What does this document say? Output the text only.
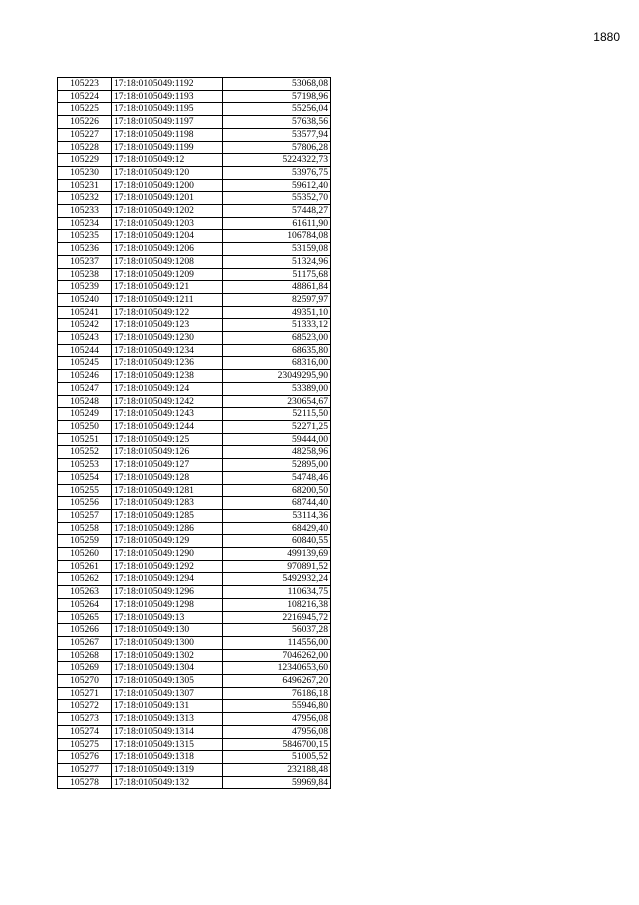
1880
105223	17:18:0105049:1192	53068,08
105224	17:18:0105049:1193	57198,96
105225	17:18:0105049:1195	55256,04
105226	17:18:0105049:1197	57638,56
105227	17:18:0105049:1198	53577,94
105228	17:18:0105049:1199	57806,28
105229	17:18:0105049:12	5224322,73
105230	17:18:0105049:120	53976,75
105231	17:18:0105049:1200	59612,40
105232	17:18:0105049:1201	55352,70
105233	17:18:0105049:1202	57448,27
105234	17:18:0105049:1203	61611,90
105235	17:18:0105049:1204	106784,08
105236	17:18:0105049:1206	53159,08
105237	17:18:0105049:1208	51324,96
105238	17:18:0105049:1209	51175,68
105239	17:18:0105049:121	48861,84
105240	17:18:0105049:1211	82597,97
105241	17:18:0105049:122	49351,10
105242	17:18:0105049:123	51333,12
105243	17:18:0105049:1230	68523,00
105244	17:18:0105049:1234	68635,80
105245	17:18:0105049:1236	68316,00
105246	17:18:0105049:1238	23049295,90
105247	17:18:0105049:124	53389,00
105248	17:18:0105049:1242	230654,67
105249	17:18:0105049:1243	52115,50
105250	17:18:0105049:1244	52271,25
105251	17:18:0105049:125	59444,00
105252	17:18:0105049:126	48258,96
105253	17:18:0105049:127	52895,00
105254	17:18:0105049:128	54748,46
105255	17:18:0105049:1281	68200,50
105256	17:18:0105049:1283	68744,40
105257	17:18:0105049:1285	53114,36
105258	17:18:0105049:1286	68429,40
105259	17:18:0105049:129	60840,55
105260	17:18:0105049:1290	499139,69
105261	17:18:0105049:1292	970891,52
105262	17:18:0105049:1294	5492932,24
105263	17:18:0105049:1296	110634,75
105264	17:18:0105049:1298	108216,38
105265	17:18:0105049:13	2216945,72
105266	17:18:0105049:130	56037,28
105267	17:18:0105049:1300	114556,00
105268	17:18:0105049:1302	7046262,00
105269	17:18:0105049:1304	12340653,60
105270	17:18:0105049:1305	6496267,20
105271	17:18:0105049:1307	76186,18
105272	17:18:0105049:131	55946,80
105273	17:18:0105049:1313	47956,08
105274	17:18:0105049:1314	47956,08
105275	17:18:0105049:1315	5846700,15
105276	17:18:0105049:1318	51005,52
105277	17:18:0105049:1319	232188,48
105278	17:18:0105049:132	59969,84
